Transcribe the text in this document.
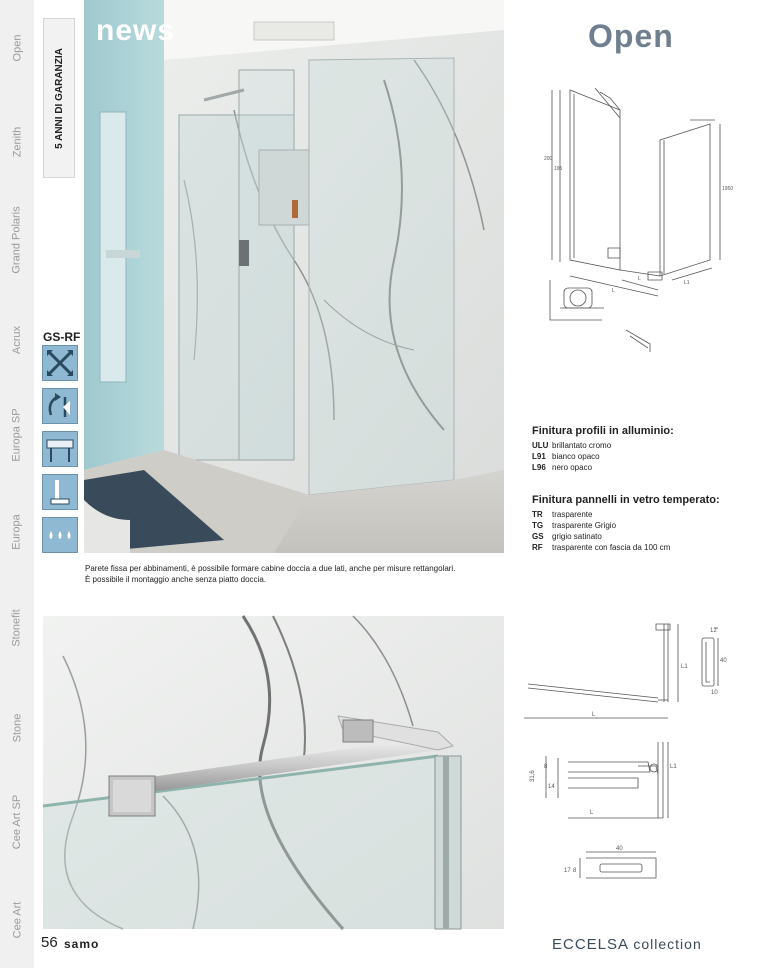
Open
Zenith
Grand Polaris
Acrux
Europa SP
Europa
Stonefit
Stone
Cee Art SP
Cee Art
5 ANNI DI GARANZIA
GS-RF
news
Parete fissa per abbinamenti, è possibile formare cabine doccia a due lati, anche per misure rettangolari.
È possibile il montaggio anche senza piatto doccia.
Open
200
195
1950
L
L
L1
Finitura profili in alluminio:
ULU brillantato cromo
L91 bianco opaco
L96 nero opaco
Finitura pannelli in vetro temperato:
TR	trasparente
TG	trasparente Grigio
GS	grigio satinato
RF	trasparente con fascia da 100 cm
L
L1
40
12
10
31,6
14
8
L
L1
40
17 8
56 samo	ECCELSA collection
